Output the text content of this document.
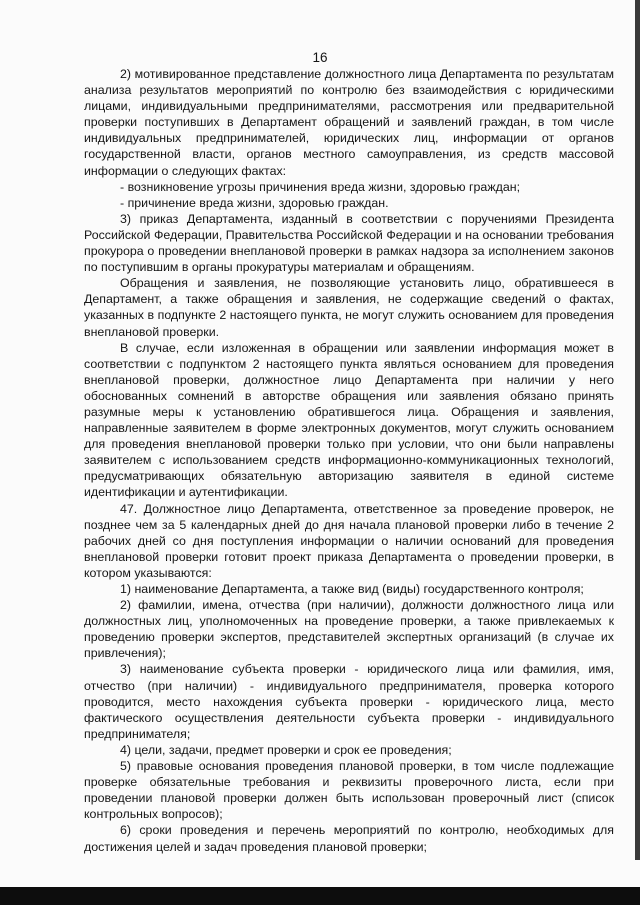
16

2) мотивированное представление должностного лица Департамента по результатам анализа результатов мероприятий по контролю без взаимодействия с юридическими лицами, индивидуальными предпринимателями, рассмотрения или предварительной проверки поступивших в Департамент обращений и заявлений граждан, в том числе индивидуальных предпринимателей, юридических лиц, информации от органов государственной власти, органов местного самоуправления, из средств массовой информации о следующих фактах:

- возникновение угрозы причинения вреда жизни, здоровью граждан;

- причинение вреда жизни, здоровью граждан.

3) приказ Департамента, изданный в соответствии с поручениями Президента Российской Федерации, Правительства Российской Федерации и на основании требования прокурора о проведении внеплановой проверки в рамках надзора за исполнением законов по поступившим в органы прокуратуры материалам и обращениям.

Обращения и заявления, не позволяющие установить лицо, обратившееся в Департамент, а также обращения и заявления, не содержащие сведений о фактах, указанных в подпункте 2 настоящего пункта, не могут служить основанием для проведения внеплановой проверки.

В случае, если изложенная в обращении или заявлении информация может в соответствии с подпунктом 2 настоящего пункта являться основанием для проведения внеплановой проверки, должностное лицо Департамента при наличии у него обоснованных сомнений в авторстве обращения или заявления обязано принять разумные меры к установлению обратившегося лица. Обращения и заявления, направленные заявителем в форме электронных документов, могут служить основанием для проведения внеплановой проверки только при условии, что они были направлены заявителем с использованием средств информационно-коммуникационных технологий, предусматривающих обязательную авторизацию заявителя в единой системе идентификации и аутентификации.

47. Должностное лицо Департамента, ответственное за проведение проверок, не позднее чем за 5 календарных дней до дня начала плановой проверки либо в течение 2 рабочих дней со дня поступления информации о наличии оснований для проведения внеплановой проверки готовит проект приказа Департамента о проведении проверки, в котором указываются:

1) наименование Департамента, а также вид (виды) государственного контроля;

2) фамилии, имена, отчества (при наличии), должности должностного лица или должностных лиц, уполномоченных на проведение проверки, а также привлекаемых к проведению проверки экспертов, представителей экспертных организаций (в случае их привлечения);

3) наименование субъекта проверки - юридического лица или фамилия, имя, отчество (при наличии) - индивидуального предпринимателя, проверка которого проводится, место нахождения субъекта проверки - юридического лица, место фактического осуществления деятельности субъекта проверки - индивидуального предпринимателя;

4) цели, задачи, предмет проверки и срок ее проведения;

5) правовые основания проведения плановой проверки, в том числе подлежащие проверке обязательные требования и реквизиты проверочного листа, если при проведении плановой проверки должен быть использован проверочный лист (список контрольных вопросов);

6) сроки проведения и перечень мероприятий по контролю, необходимых для достижения целей и задач проведения плановой проверки;
